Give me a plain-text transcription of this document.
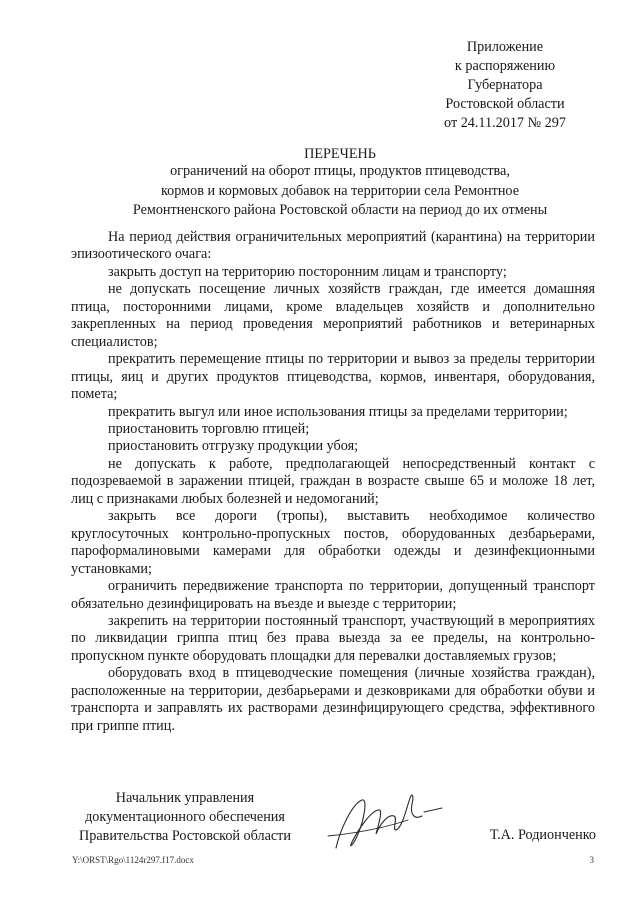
Приложение
к распоряжению
Губернатора
Ростовской области
от 24.11.2017 № 297
ПЕРЕЧЕНЬ
ограничений на оборот птицы, продуктов птицеводства,
кормов и кормовых добавок на территории села Ремонтное
Ремонтненского района Ростовской области на период до их отмены

На период действия ограничительных мероприятий (карантина) на территории эпизоотического очага:

закрыть доступ на территорию посторонним лицам и транспорту;

не допускать посещение личных хозяйств граждан, где имеется домашняя птица, посторонними лицами, кроме владельцев хозяйств и дополнительно закрепленных на период проведения мероприятий работников и ветеринарных специалистов;

прекратить перемещение птицы по территории и вывоз за пределы территории птицы, яиц и других продуктов птицеводства, кормов, инвентаря, оборудования, помета;

прекратить выгул или иное использования птицы за пределами территории;

приостановить торговлю птицей;

приостановить отгрузку продукции убоя;

не допускать к работе, предполагающей непосредственный контакт с подозреваемой в заражении птицей, граждан в возрасте свыше 65 и моложе 18 лет, лиц с признаками любых болезней и недомоганий;

закрыть все дороги (тропы), выставить необходимое количество круглосуточных контрольно-пропускных постов, оборудованных дезбарьерами, пароформалиновыми камерами для обработки одежды и дезинфекционными установками;

ограничить передвижение транспорта по территории, допущенный транспорт обязательно дезинфицировать на въезде и выезде с территории;

закрепить на территории постоянный транспорт, участвующий в мероприятиях по ликвидации гриппа птиц без права выезда за ее пределы, на контрольно-пропускном пункте оборудовать площадки для перевалки доставляемых грузов;

оборудовать вход в птицеводческие помещения (личные хозяйства граждан), расположенные на территории, дезбарьерами и дезковриками для обработки обуви и транспорта и заправлять их растворами дезинфицирующего средства, эффективного при гриппе птиц.

Начальник управления
документационного обеспечения
Правительства Ростовской области	Т.А. Родионченко
Y:\ORST\Rgo\1124r297.f17.docx	3
